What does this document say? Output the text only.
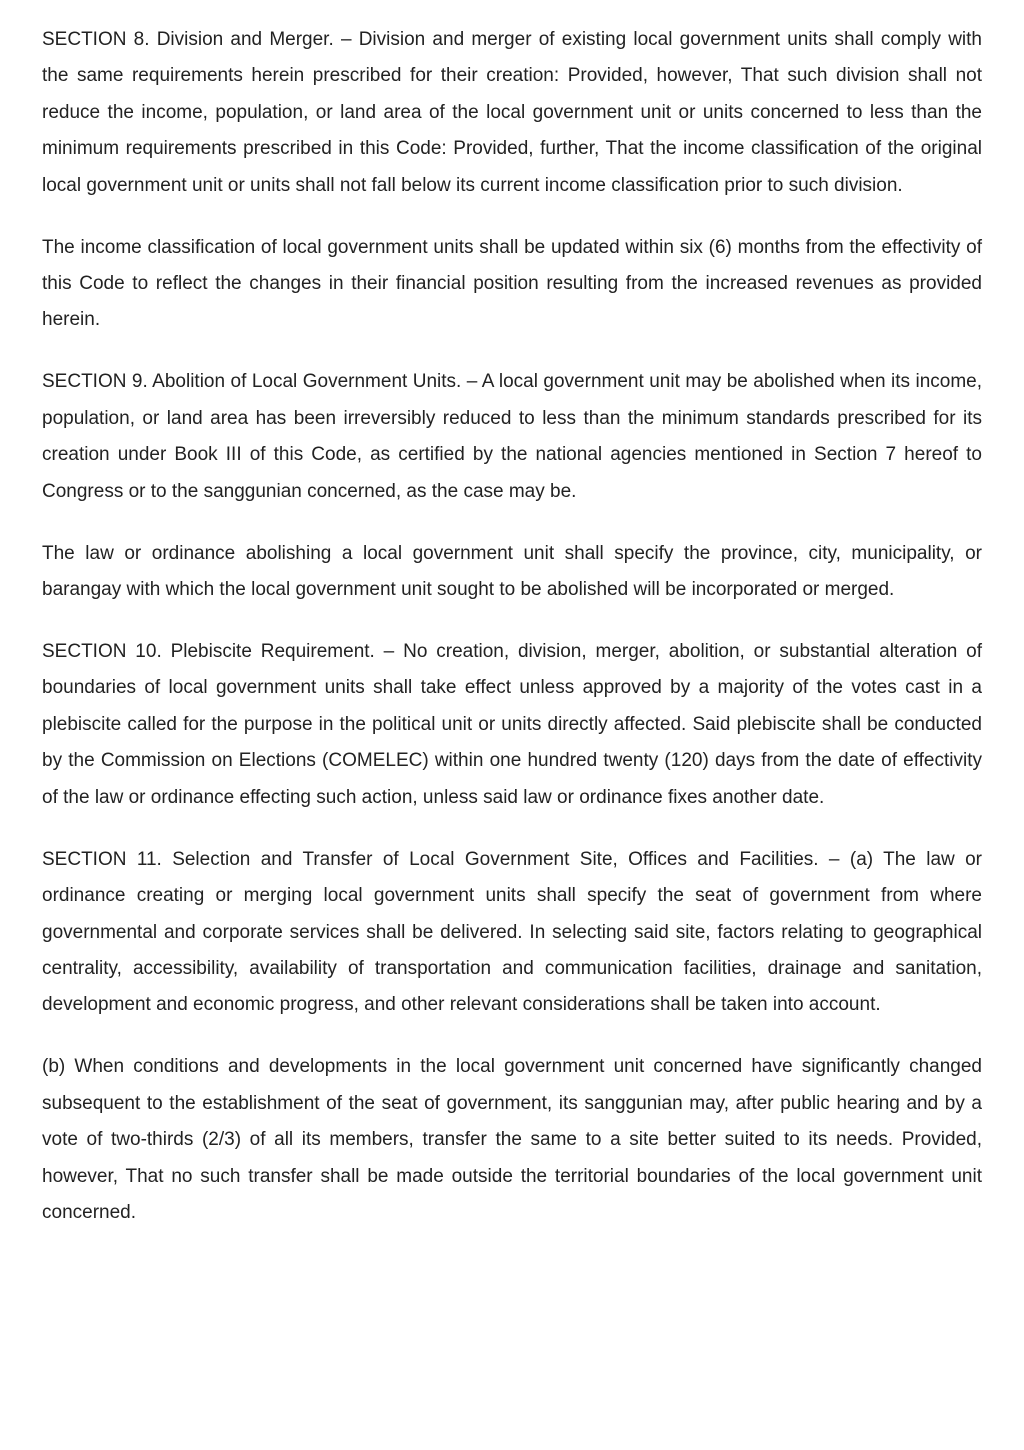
SECTION 8. Division and Merger. – Division and merger of existing local government units shall comply with the same requirements herein prescribed for their creation: Provided, however, That such division shall not reduce the income, population, or land area of the local government unit or units concerned to less than the minimum requirements prescribed in this Code: Provided, further, That the income classification of the original local government unit or units shall not fall below its current income classification prior to such division.

The income classification of local government units shall be updated within six (6) months from the effectivity of this Code to reflect the changes in their financial position resulting from the increased revenues as provided herein.

SECTION 9. Abolition of Local Government Units. – A local government unit may be abolished when its income, population, or land area has been irreversibly reduced to less than the minimum standards prescribed for its creation under Book III of this Code, as certified by the national agencies mentioned in Section 7 hereof to Congress or to the sanggunian concerned, as the case may be.

The law or ordinance abolishing a local government unit shall specify the province, city, municipality, or barangay with which the local government unit sought to be abolished will be incorporated or merged.

SECTION 10. Plebiscite Requirement. – No creation, division, merger, abolition, or substantial alteration of boundaries of local government units shall take effect unless approved by a majority of the votes cast in a plebiscite called for the purpose in the political unit or units directly affected. Said plebiscite shall be conducted by the Commission on Elections (COMELEC) within one hundred twenty (120) days from the date of effectivity of the law or ordinance effecting such action, unless said law or ordinance fixes another date.

SECTION 11. Selection and Transfer of Local Government Site, Offices and Facilities. – (a) The law or ordinance creating or merging local government units shall specify the seat of government from where governmental and corporate services shall be delivered. In selecting said site, factors relating to geographical centrality, accessibility, availability of transportation and communication facilities, drainage and sanitation, development and economic progress, and other relevant considerations shall be taken into account.

(b) When conditions and developments in the local government unit concerned have significantly changed subsequent to the establishment of the seat of government, its sanggunian may, after public hearing and by a vote of two-thirds (2/3) of all its members, transfer the same to a site better suited to its needs. Provided, however, That no such transfer shall be made outside the territorial boundaries of the local government unit concerned.
